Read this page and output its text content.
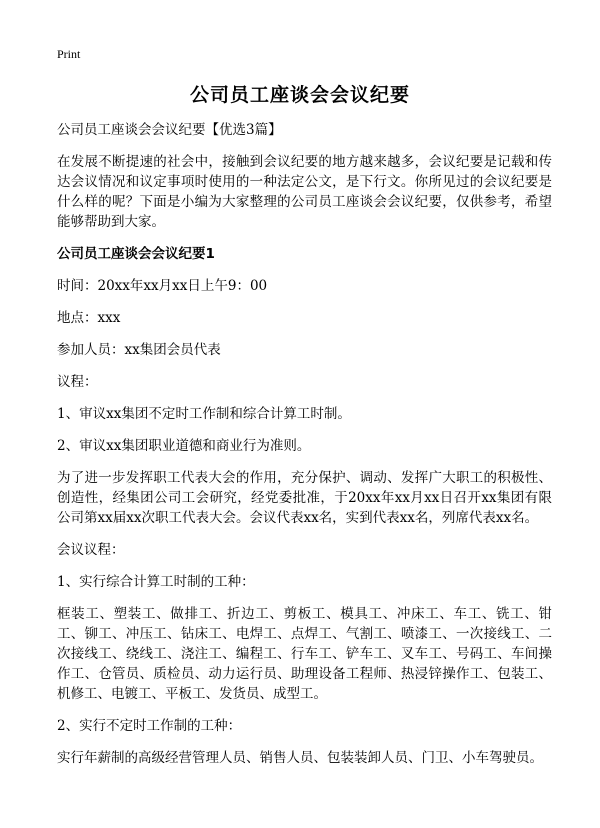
Print
公司员工座谈会会议纪要

公司员工座谈会会议纪要【优选3篇】

在发展不断提速的社会中，接触到会议纪要的地方越来越多，会议纪要是记载和传达会议情况和议定事项时使用的一种法定公文，是下行文。你所见过的会议纪要是什么样的呢？下面是小编为大家整理的公司员工座谈会会议纪要，仅供参考，希望能够帮助到大家。

公司员工座谈会会议纪要1

时间：20xx年xx月xx日上午9：00

地点：xxx

参加人员：xx集团会员代表

议程：

1、审议xx集团不定时工作制和综合计算工时制。

2、审议xx集团职业道德和商业行为准则。

为了进一步发挥职工代表大会的作用，充分保护、调动、发挥广大职工的积极性、创造性，经集团公司工会研究，经党委批准，于20xx年xx月xx日召开xx集团有限公司第xx届xx次职工代表大会。会议代表xx名，实到代表xx名，列席代表xx名。

会议议程：

1、实行综合计算工时制的工种：

框装工、塑装工、做排工、折边工、剪板工、模具工、冲床工、车工、铣工、钳工、铆工、冲压工、钻床工、电焊工、点焊工、气割工、喷漆工、一次接线工、二次接线工、绕线工、浇注工、编程工、行车工、铲车工、叉车工、号码工、车间操作工、仓管员、质检员、动力运行员、助理设备工程师、热浸锌操作工、包装工、机修工、电镀工、平板工、发货员、成型工。

2、实行不定时工作制的工种：

实行年薪制的高级经营管理人员、销售人员、包装装卸人员、门卫、小车驾驶员。
